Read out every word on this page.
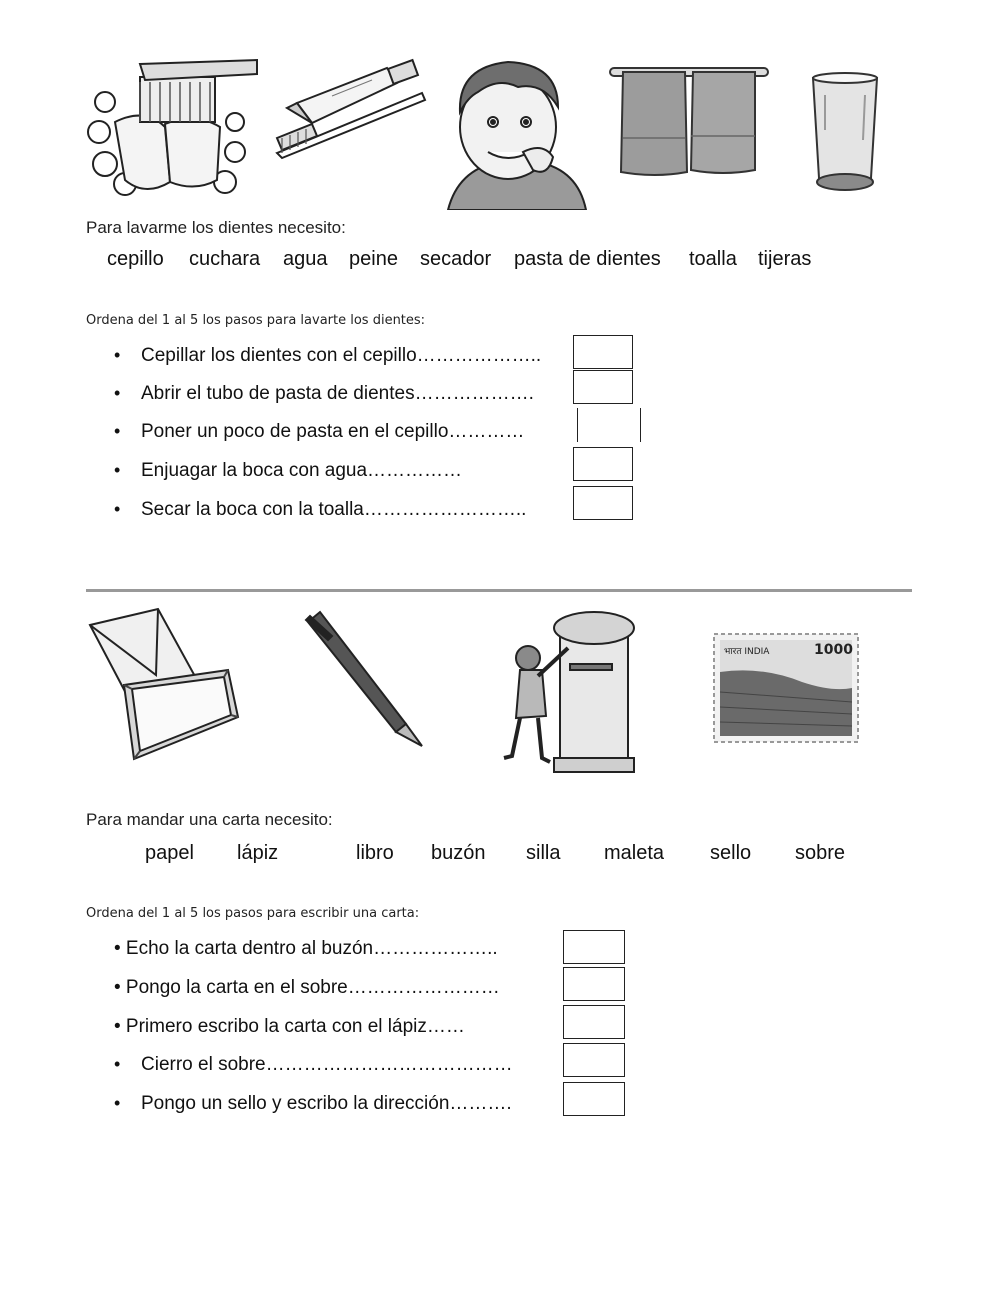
Para lavarme los dientes necesito:
cepillo cuchara agua peine secador pasta de dientes toalla tijeras
Ordena del 1 al 5 los pasos para lavarte los dientes:
• Cepillar los dientes con el cepillo………………..
• Abrir el tubo de pasta de dientes……………….
• Poner un poco de pasta en el cepillo…………
• Enjuagar la boca con agua……………
• Secar la boca con la toalla……………………..
भारत INDIA	1000
Para mandar una carta necesito:
papel lápiz	libro buzón silla maleta sello sobre
Ordena del 1 al 5 los pasos para escribir una carta:
• Echo la carta dentro al buzón………………..
• Pongo la carta en el sobre……………………
• Primero escribo la carta con el lápiz……
• Cierro el sobre…………………………………
• Pongo un sello y escribo la dirección……….
